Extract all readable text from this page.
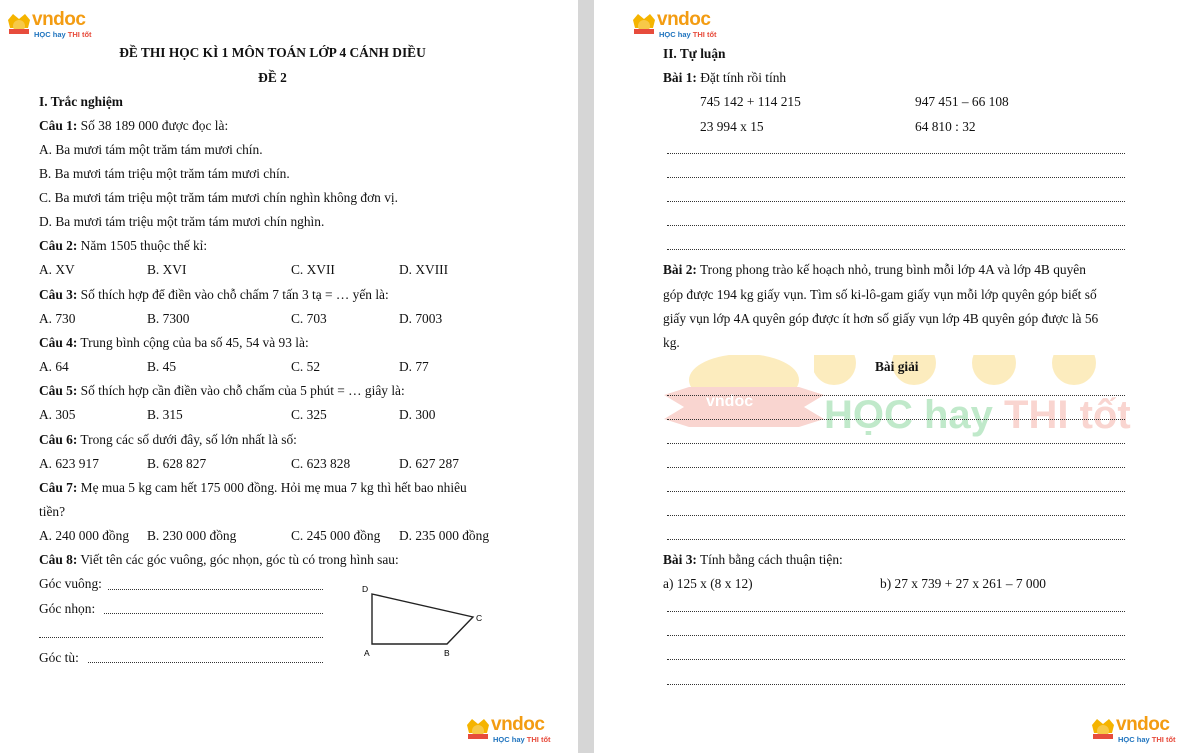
vndoc
HỌC hay THI tốt
ĐỀ THI HỌC KÌ 1 MÔN TOÁN LỚP 4 CÁNH DIỀU
ĐỀ 2
I. Trắc nghiệm
Câu 1: Số 38 189 000 được đọc là:
A. Ba mươi tám một trăm tám mươi chín.
B. Ba mươi tám triệu một trăm tám mươi chín.
C. Ba mươi tám triệu một trăm tám mươi chín nghìn không đơn vị.
D. Ba mươi tám triệu một trăm tám mươi chín nghìn.
Câu 2: Năm 1505 thuộc thế kỉ:
A. XV	B. XVI	C. XVII	D. XVIII
Câu 3: Số thích hợp để điền vào chỗ chấm 7 tấn 3 tạ = … yến là:
A. 730	B. 7300	C. 703	D. 7003
Câu 4: Trung bình cộng của ba số 45, 54 và 93 là:
A. 64	B. 45	C. 52	D. 77
Câu 5: Số thích hợp cần điền vào chỗ chấm của 5 phút = … giây là:
A. 305	B. 315	C. 325	D. 300
Câu 6: Trong các số dưới đây, số lớn nhất là số:
A. 623 917	B. 628 827	C. 623 828	D. 627 287
Câu 7: Mẹ mua 5 kg cam hết 175 000 đồng. Hỏi mẹ mua 7 kg thì hết bao nhiêu
tiền?
A. 240 000 đồng B. 230 000 đồng	C. 245 000 đồng D. 235 000 đồng
Câu 8: Viết tên các góc vuông, góc nhọn, góc tù có trong hình sau:
Góc vuông:
Góc nhọn:
Góc tù:
D
C
A	B
vndoc
HỌC hay THI tốt
vndoc
HỌC hay THI tốt
vndoc HỌC hay THI tốt
II. Tự luận
Bài 1: Đặt tính rồi tính
745 142 + 114 215	947 451 – 66 108
23 994 x 15	64 810 : 32
Bài 2: Trong phong trào kế hoạch nhỏ, trung bình mỗi lớp 4A và lớp 4B quyên
góp được 194 kg giấy vụn. Tìm số ki-lô-gam giấy vụn mỗi lớp quyên góp biết số
giấy vụn lớp 4A quyên góp được ít hơn số giấy vụn lớp 4B quyên góp được là 56
kg.
Bài giải
Bài 3: Tính bằng cách thuận tiện:
a) 125 x (8 x 12)	b) 27 x 739 + 27 x 261 – 7 000
vndoc
HỌC hay THI tốt
